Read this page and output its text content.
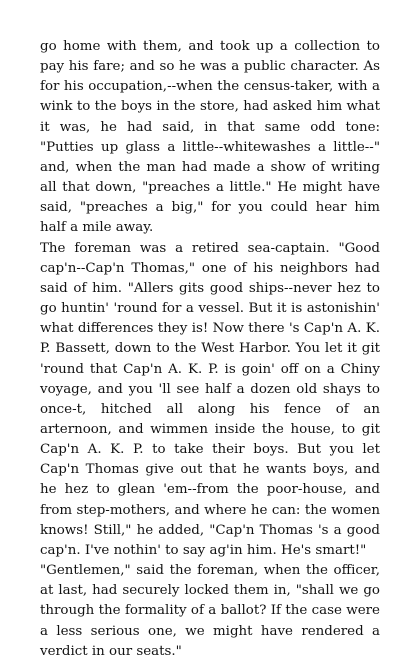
go home with them, and took up a collection to pay his fare; and so he was a public character. As for his occupation,--when the census-taker, with a wink to the boys in the store, had asked him what it was, he had said, in that same odd tone: "Putties up glass a little--whitewashes a little--" and, when the man had made a show of writing all that down, "preaches a little." He might have said, "preaches a big," for you could hear him half a mile away.

The foreman was a retired sea-captain. "Good cap'n--Cap'n Thomas," one of his neighbors had said of him. "Allers gits good ships--never hez to go huntin' 'round for a vessel. But it is astonishin' what differences they is! Now there 's Cap'n A. K. P. Bassett, down to the West Harbor. You let it git 'round that Cap'n A. K. P. is goin' off on a Chiny voyage, and you 'll see half a dozen old shays to once-t, hitched all along his fence of an arternoon, and wimmen inside the house, to git Cap'n A. K. P. to take their boys. But you let Cap'n Thomas give out that he wants boys, and he hez to glean 'em--from the poor-house, and from step-mothers, and where he can: the women knows! Still," he added, "Cap'n Thomas 's a good cap'n. I've nothin' to say ag'in him. He's smart!"

"Gentlemen," said the foreman, when the officer, at last, had securely locked them in, "shall we go through the formality of a ballot? If the case were a less serious one, we might have rendered a verdict in our seats."
